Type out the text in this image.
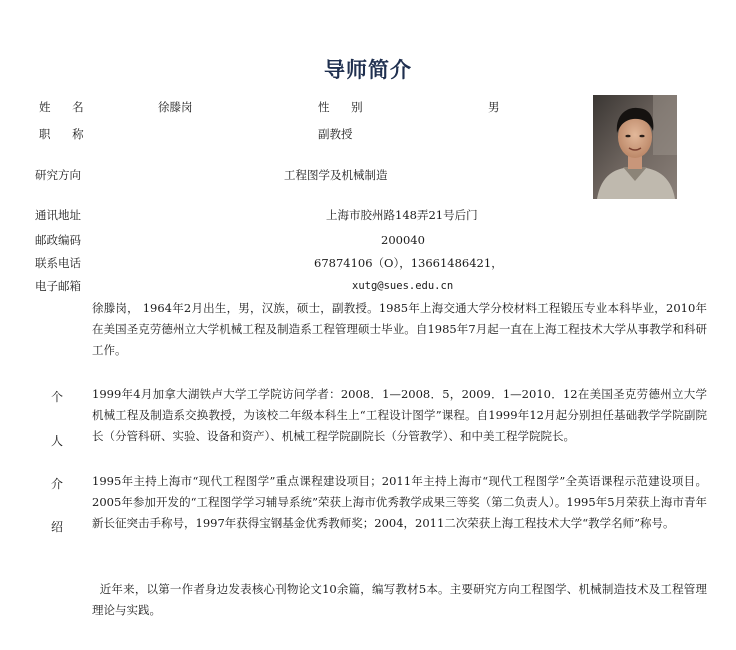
导师简介
姓 名	徐滕岗	性 别	男
职 称	副教授
研究方向	工程图学及机械制造
通讯地址	上海市胶州路148弄21号后门
邮政编码	200040
联系电话	67874106（O），13661486421，
电子邮箱	xutg@sues.edu.cn
个
人
介
绍
徐滕岗， 1964年2月出生，男，汉族，硕士，副教授。1985年上海交通大学分校材料工程锻压专业本科毕业，2010年在美国圣克劳德州立大学机械工程及制造系工程管理硕士毕业。自1985年7月起一直在上海工程技术大学从事教学和科研工作。
1999年4月加拿大湖铁卢大学工学院访问学者：2008．1—2008．5，2009．1—2010．12在美国圣克劳德州立大学机械工程及制造系交换教授，为该校二年级本科生上“工程设计图学”课程。自1999年12月起分别担任基础教学学院副院长（分管科研、实验、设备和资产）、机械工程学院副院长（分管教学）、和中美工程学院院长。
1995年主持上海市“现代工程图学”重点课程建设项目；2011年主持上海市“现代工程图学”全英语课程示范建设项目。2005年参加开发的“工程图学学习辅导系统”荣获上海市优秀教学成果三等奖（第二负责人）。1995年5月荣获上海市青年新长征突击手称号，1997年获得宝钢基金优秀教师奖；2004，2011二次荣获上海工程技术大学“教学名师”称号。
近年来，以第一作者身边发表核心刊物论文10余篇，编写教材5本。主要研究方向工程图学、机械制造技术及工程管理理论与实践。
